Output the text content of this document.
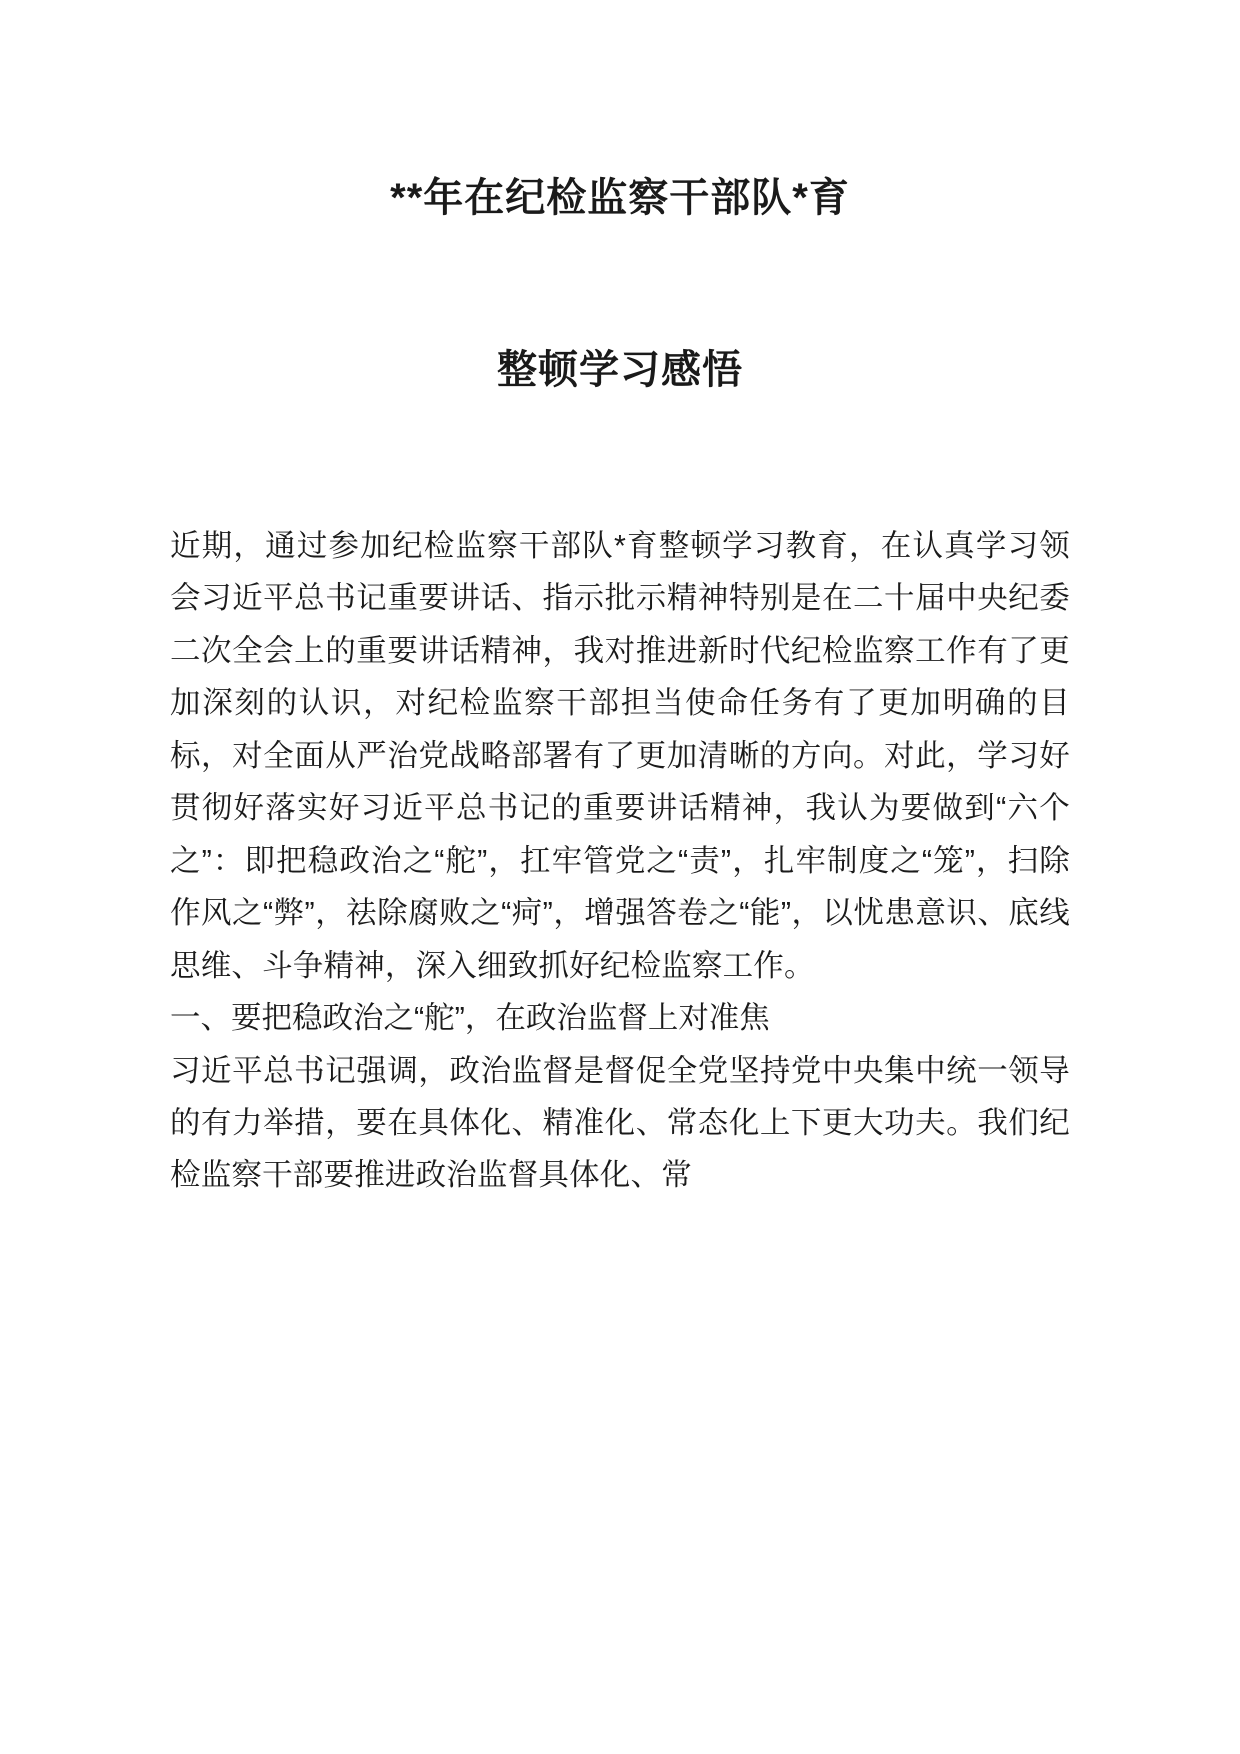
**年在纪检监察干部队*育
整顿学习感悟

近期，通过参加纪检监察干部队*育整顿学习教育，在认真学习领会习近平总书记重要讲话、指示批示精神特别是在二十届中央纪委二次全会上的重要讲话精神，我对推进新时代纪检监察工作有了更加深刻的认识，对纪检监察干部担当使命任务有了更加明确的目标，对全面从严治党战略部署有了更加清晰的方向。对此，学习好贯彻好落实好习近平总书记的重要讲话精神，我认为要做到“六个之”：即把稳政治之“舵”，扛牢管党之“责”，扎牢制度之“笼”，扫除作风之“弊”，祛除腐败之“疴”，增强答卷之“能”，以忧患意识、底线思维、斗争精神，深入细致抓好纪检监察工作。

一、要把稳政治之“舵”，在政治监督上对准焦

习近平总书记强调，政治监督是督促全党坚持党中央集中统一领导的有力举措，要在具体化、精准化、常态化上下更大功夫。我们纪检监察干部要推进政治监督具体化、常
